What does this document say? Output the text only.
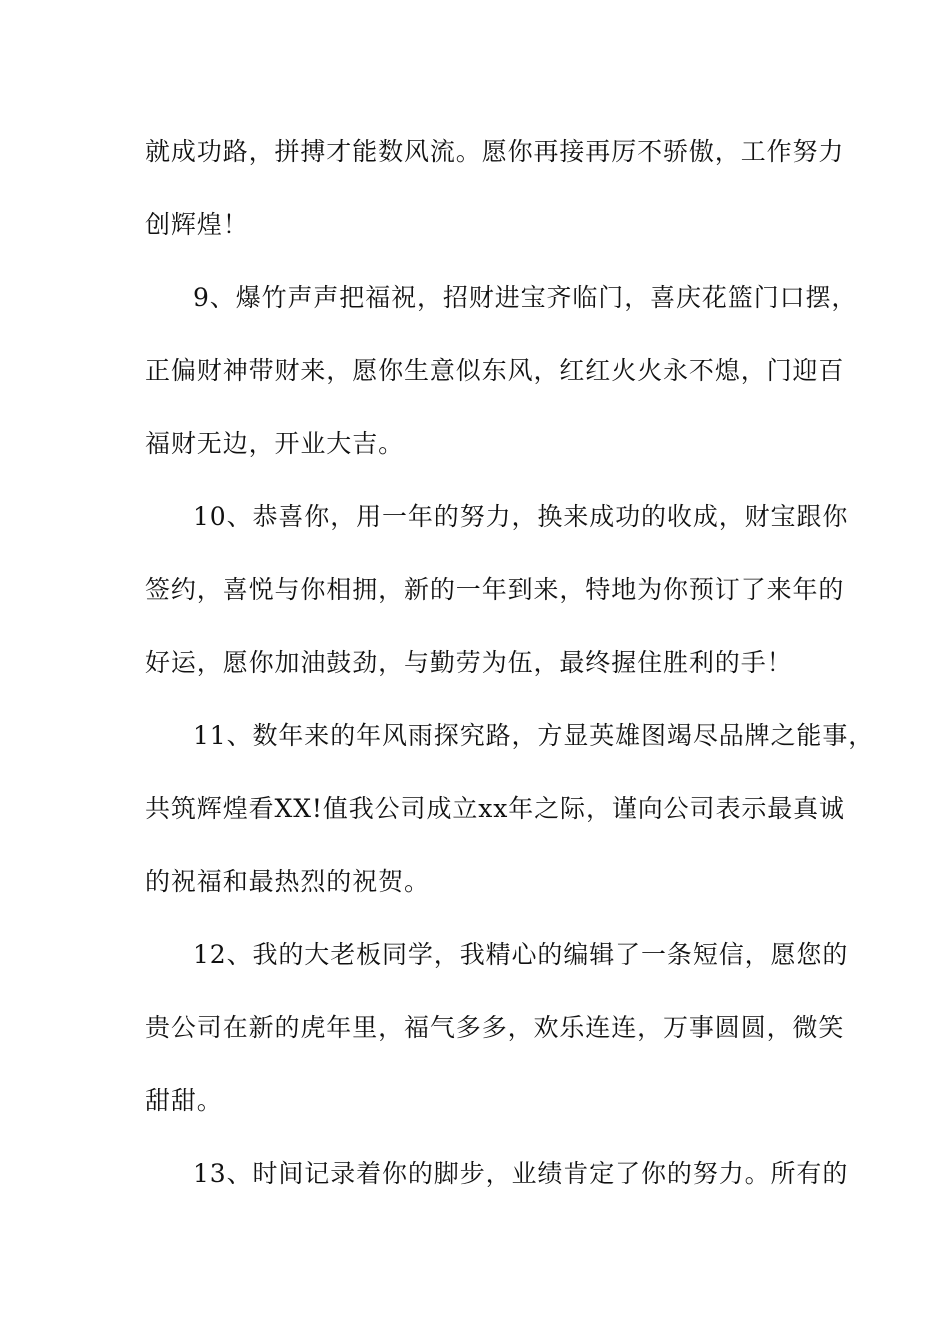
就成功路，拼搏才能数风流。愿你再接再厉不骄傲，工作努力
创辉煌！
9、爆竹声声把福祝，招财进宝齐临门，喜庆花篮门口摆，
正偏财神带财来，愿你生意似东风，红红火火永不熄，门迎百
福财无边，开业大吉。
10、恭喜你，用一年的努力，换来成功的收成，财宝跟你
签约，喜悦与你相拥，新的一年到来，特地为你预订了来年的
好运，愿你加油鼓劲，与勤劳为伍，最终握住胜利的手！
11、数年来的年风雨探究路，方显英雄图竭尽品牌之能事，
共筑辉煌看XX!值我公司成立xx年之际，谨向公司表示最真诚
的祝福和最热烈的祝贺。
12、我的大老板同学，我精心的编辑了一条短信，愿您的
贵公司在新的虎年里，福气多多，欢乐连连，万事圆圆，微笑
甜甜。
13、时间记录着你的脚步，业绩肯定了你的努力。所有的
